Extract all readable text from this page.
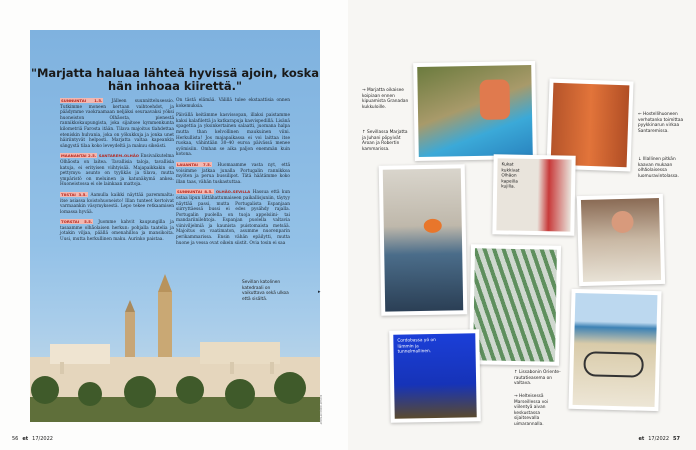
"Marjatta haluaa lähteä hyvissä ajoin, koska hän inhoaa kiirettä."

SUNNUNTAI 1.5. Jälleen suunnittelusessio. Tutkimme moneen kertaan vaihtoehdot, ja päädymme vaokraamaan neljäksi seuraavaksi yöksi huoneiston Olhãosta, pienestä rannikkokaupungista, joka sijaitsee kymmenkunta kilometriä Farosta itään. Tilava majoitus tlahdettaa eteniskin hulvania, joka on yökukkuja ja jonka unet häiriintyvät helposti. Marjatta valtaa kapeankin sängystä tilaa koko leveydeltä ja makuu sikeästi.

MAANANTAI 2.5. SANTAREM–OLHÃO Ensivaikutelma Olhãosta on laitea. Tavallisia taloja, tavallisia katuja, ei erityisen viihtyisää. Majapaikkakin on pettymys: asunto on tyylikäs ja tilava, mutta ympäristö on meluinen ja katunäkymä ankea. Huoneistossa ei ole lainkaan mattoja.

TIISTAI 3.5. Aamulla kaikki näyttää paremmalta: itse asiassa koistohuoneisto! Illan tunteet kertoivat varmaankin väsymyksestä. Lepo tekee retkaamisen lomassa hyvää.

TORSTAI 5.5. Juomme kahvit kaupungilla ja tasaamme olhãolaisen herkun: pohjalla taatelia ja jotakin viljaa, päällä omenahilloa ja mansikoita. Uusi, mutta herkullinen maku. Aurinko paistaa.

On tästä elämää. Välillä tulee ekstaattisia onnen kokemuksia.

Päivällä keitämme kasvissopan, illaksi paistamme kaksi kalafilettä ja katkarapuja kasvispedillä. Lisänä spagettia ja yksinkertainen salaatti, juomana halpa mutta than kelvollinen maukuinen viini. Herkullista! Jos majapaikassa ei voi laittaa itse ruokaa, vähintään 30–40 euroa päivässä menee syömisiin. Omhan se aika paljon enemmän kuin kotona.

LAUANTAI 7.5. Huomaamme vasta nyt, että voisimme jatkaa junalla Portugalin rannikkoa myöten ja perua bussilipot. Tätä häätämme koko illan taas, vähän tuskastuttaa.

SUNNUNTAI 8.5. OLHÃO–SEVILLA Hassua että kun ostaa lipun lättähattumaiseen paikallisjuniin, täytyy näyttää passi, mutta Portugalista Espanjaan siirryttäessä bussi ei edes pysähdy rajalla. Portugalin puolella on tuoja appelsiini- tai mandariinilehtoja. Espanjan puolella valtavia viiniviljelmiä ja kaunista puistomaista metsää. Majoitus on vaatimaton, asumme nuorenparin perikammarissa. Ensin vähän epäilytti, mutta huone ja vessa ovat oikein siistit. Ovia tosin ei saa

▸
Sevillan katolinen katedraali on vaikuttava sekä ulkoa että sisältä.
KUVAT KIRJOITTAJAT
56 et 17/2022
→ Marjatta oikaisee koipiaan ennen kipuamista Granadan kukkuloille.
↑ Sevillassa Marjatta ja Juhani pöpyivät Aroan ja Robertin kammarissa.
← Hostellihuoneen verhotanko toimittaa pyykkinarun virkaa Santaremissa.
↓ Illallinen pitkän kaavan mukaan olhãolaisessa luomuravintolassa.
↑ Lissabonin Oriente-rautatieasema on valtava.
→ Helteisessä Marseillessa voi viilentyä aivan keskustassa sijaitsevalla uimarannalla.
Kukat kukkivat Olhãon kapeilla kujilla.
Cordobassa yö on lämmin ja tunnelmallinen.
et 17/2022 57
